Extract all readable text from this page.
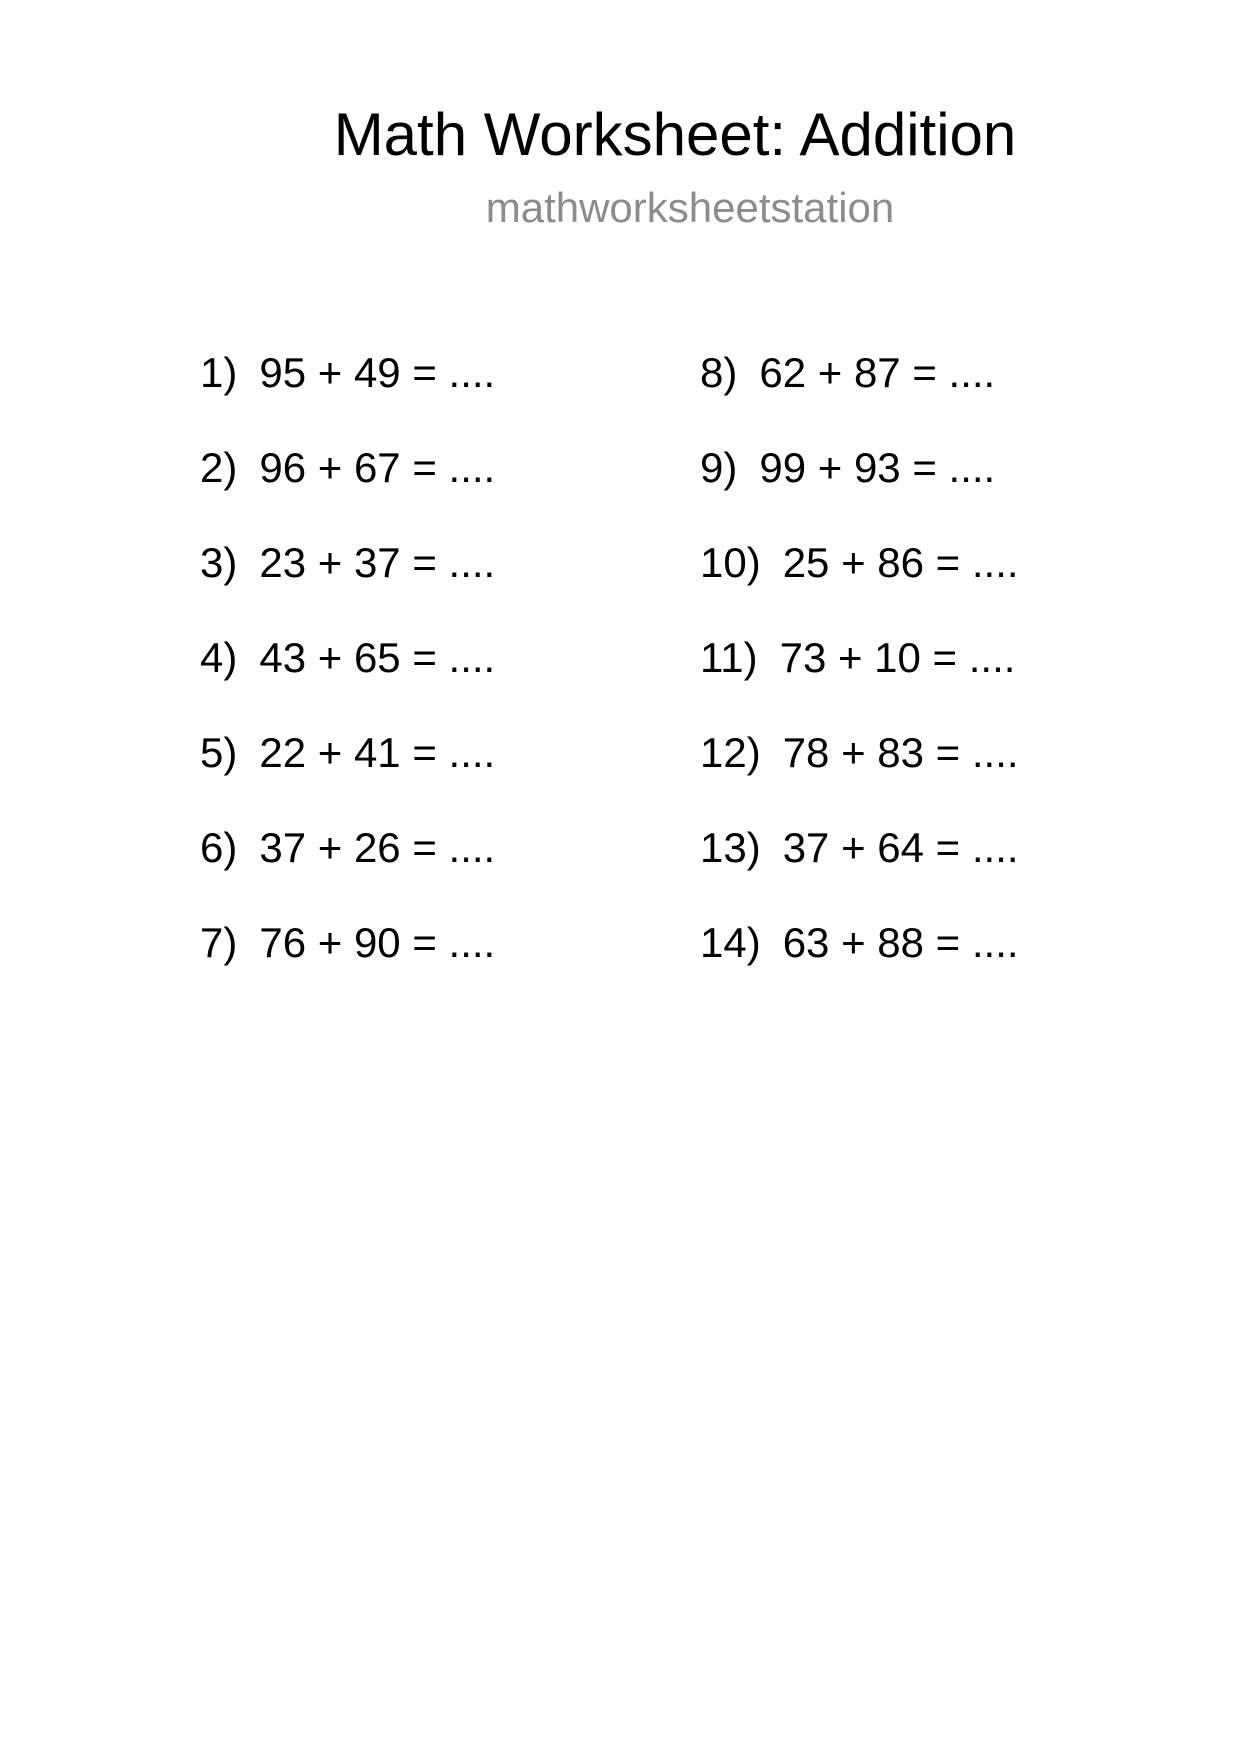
Math Worksheet: Addition
mathworksheetstation
1) 95 + 49 = ....
2) 96 + 67 = ....
3) 23 + 37 = ....
4) 43 + 65 = ....
5) 22 + 41 = ....
6) 37 + 26 = ....
7) 76 + 90 = ....
8) 62 + 87 = ....
9) 99 + 93 = ....
10) 25 + 86 = ....
11) 73 + 10 = ....
12) 78 + 83 = ....
13) 37 + 64 = ....
14) 63 + 88 = ....
